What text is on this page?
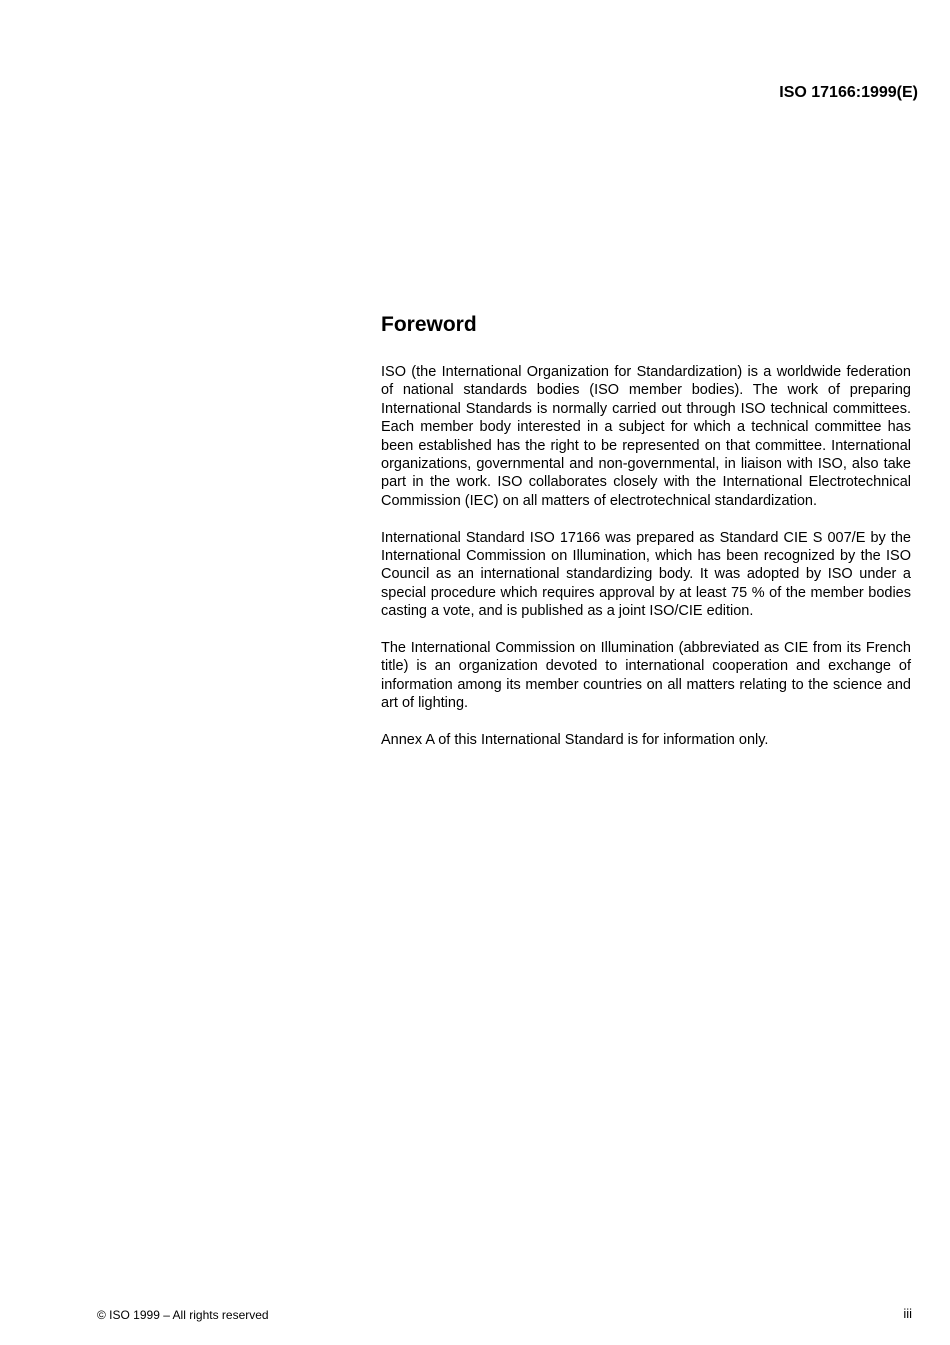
ISO 17166:1999(E)
Foreword

ISO (the International Organization for Standardization) is a worldwide federation of national standards bodies (ISO member bodies). The work of preparing International Standards is normally carried out through ISO technical committees. Each member body interested in a subject for which a technical committee has been established has the right to be represented on that committee. International organizations, governmental and non-governmental, in liaison with ISO, also take part in the work. ISO collaborates closely with the International Electrotechnical Commission (IEC) on all matters of electrotechnical standardization.

International Standard ISO 17166 was prepared as Standard CIE S 007/E by the International Commission on Illumination, which has been recognized by the ISO Council as an international standardizing body. It was adopted by ISO under a special procedure which requires approval by at least 75 % of the member bodies casting a vote, and is published as a joint ISO/CIE edition.

The International Commission on Illumination (abbreviated as CIE from its French title) is an organization devoted to international cooperation and exchange of information among its member countries on all matters relating to the science and art of lighting.

Annex A of this International Standard is for information only.

© ISO 1999 – All rights reserved	iii
